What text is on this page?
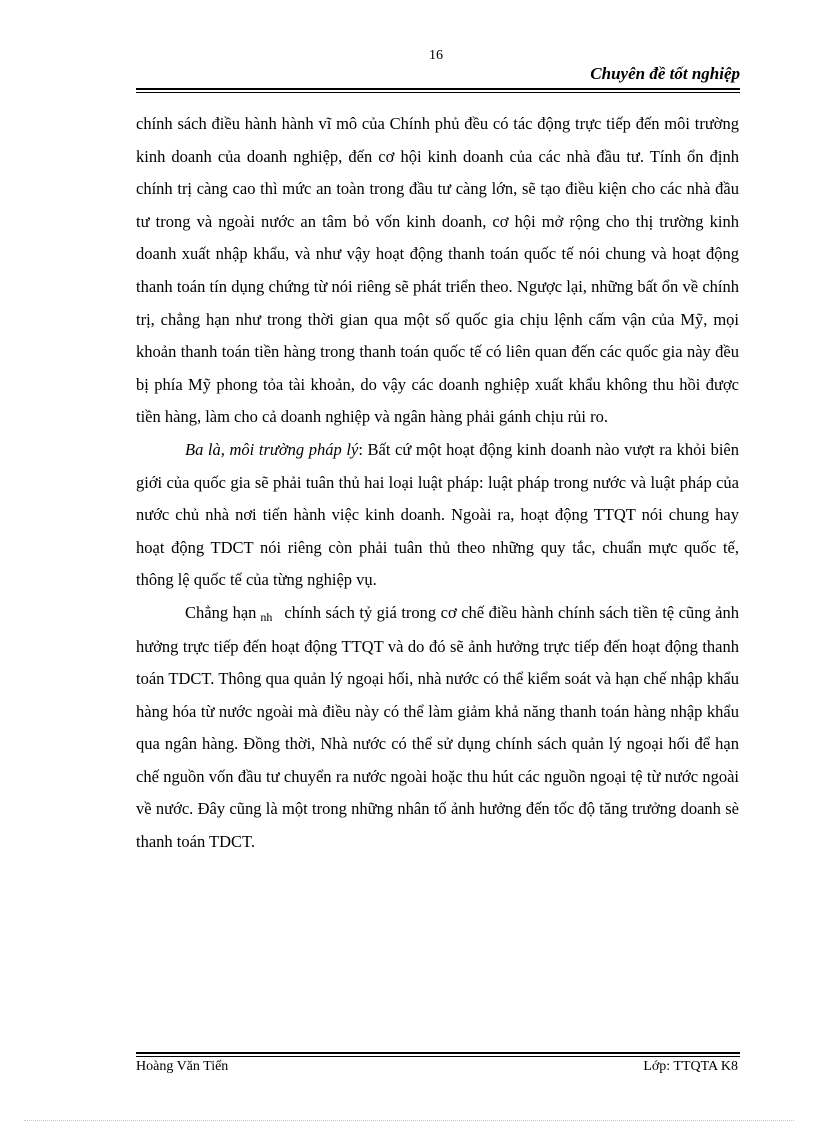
16
Chuyên đề tốt nghiệp

chính sách điều hành hành vĩ mô của Chính phủ đều có tác động trực tiếp đến môi trường kinh doanh của doanh nghiệp, đến cơ hội kinh doanh của các nhà đầu tư. Tính ổn định chính trị càng cao thì mức an toàn trong đầu tư càng lớn, sẽ tạo điều kiện cho các nhà đầu tư trong và ngoài nước an tâm bỏ vốn kinh doanh, cơ hội mở rộng cho thị trường kinh doanh xuất nhập khẩu, và như vậy hoạt động thanh toán quốc tế nói chung và hoạt động thanh toán tín dụng chứng từ nói riêng sẽ phát triển theo. Ngược lại, những bất ổn về chính trị, chẳng hạn như trong thời gian qua một số quốc gia chịu lệnh cấm vận của Mỹ, mọi khoản thanh toán tiền hàng trong thanh toán quốc tế có liên quan đến các quốc gia này đều bị phía Mỹ phong tỏa tài khoản, do vậy các doanh nghiệp xuất khẩu không thu hồi được tiền hàng, làm cho cả doanh nghiệp và ngân hàng phải gánh chịu rủi ro.

Ba là, môi trường pháp lý: Bất cứ một hoạt động kinh doanh nào vượt ra khỏi biên giới của quốc gia sẽ phải tuân thủ hai loại luật pháp: luật pháp trong nước và luật pháp của nước chủ nhà nơi tiến hành việc kinh doanh. Ngoài ra, hoạt động TTQT nói chung hay hoạt động TDCT nói riêng còn phải tuân thủ theo những quy tắc, chuẩn mực quốc tế, thông lệ quốc tế của từng nghiệp vụ.

Chẳng hạn nh chính sách tỷ giá trong cơ chế điều hành chính sách tiền tệ cũng ảnh hưởng trực tiếp đến hoạt động TTQT và do đó sẽ ảnh hưởng trực tiếp đến hoạt động thanh toán TDCT. Thông qua quản lý ngoại hối, nhà nước có thể kiểm soát và hạn chế nhập khẩu hàng hóa từ nước ngoài mà điều này có thể làm giảm khả năng thanh toán hàng nhập khẩu qua ngân hàng. Đồng thời, Nhà nước có thể sử dụng chính sách quản lý ngoại hối để hạn chế nguồn vốn đầu tư chuyển ra nước ngoài hoặc thu hút các nguồn ngoại tệ từ nước ngoài về nước. Đây cũng là một trong những nhân tố ảnh hưởng đến tốc độ tăng trưởng doanh sè thanh toán TDCT.

Hoàng Văn Tiến	Lớp: TTQTA K8
